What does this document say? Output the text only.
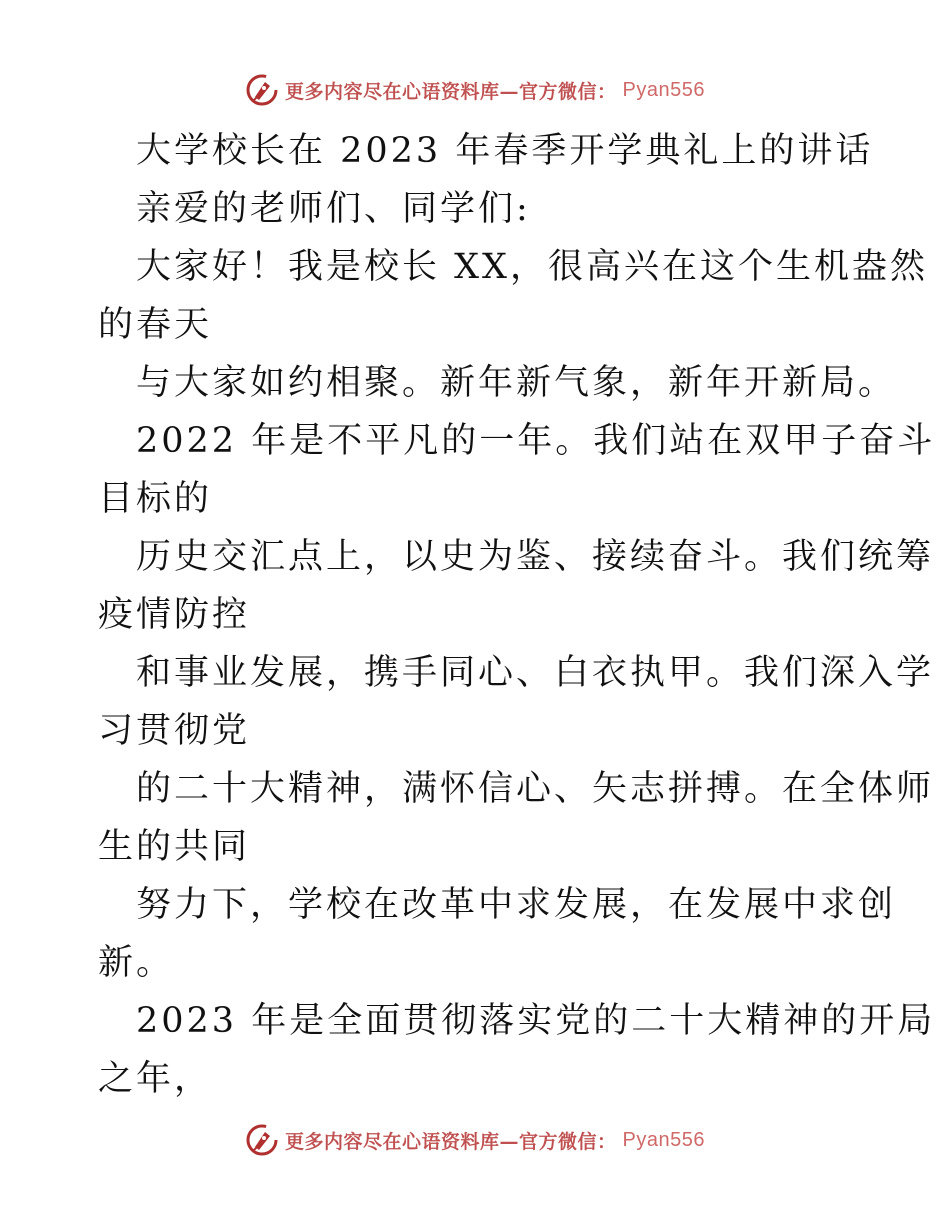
更多内容尽在心语资料库—官方微信： Pyan556

大学校长在 2023 年春季开学典礼上的讲话

亲爱的老师们、同学们:

大家好！我是校长 XX，很高兴在这个生机盎然

的春天

与大家如约相聚。新年新气象，新年开新局。

2022 年是不平凡的一年。我们站在双甲子奋斗

目标的

历史交汇点上，以史为鉴、接续奋斗。我们统筹

疫情防控

和事业发展，携手同心、白衣执甲。我们深入学

习贯彻党

的二十大精神，满怀信心、矢志拼搏。在全体师

生的共同

努力下，学校在改革中求发展，在发展中求创

新。

2023 年是全面贯彻落实党的二十大精神的开局

之年，

更多内容尽在心语资料库—官方微信： Pyan556
